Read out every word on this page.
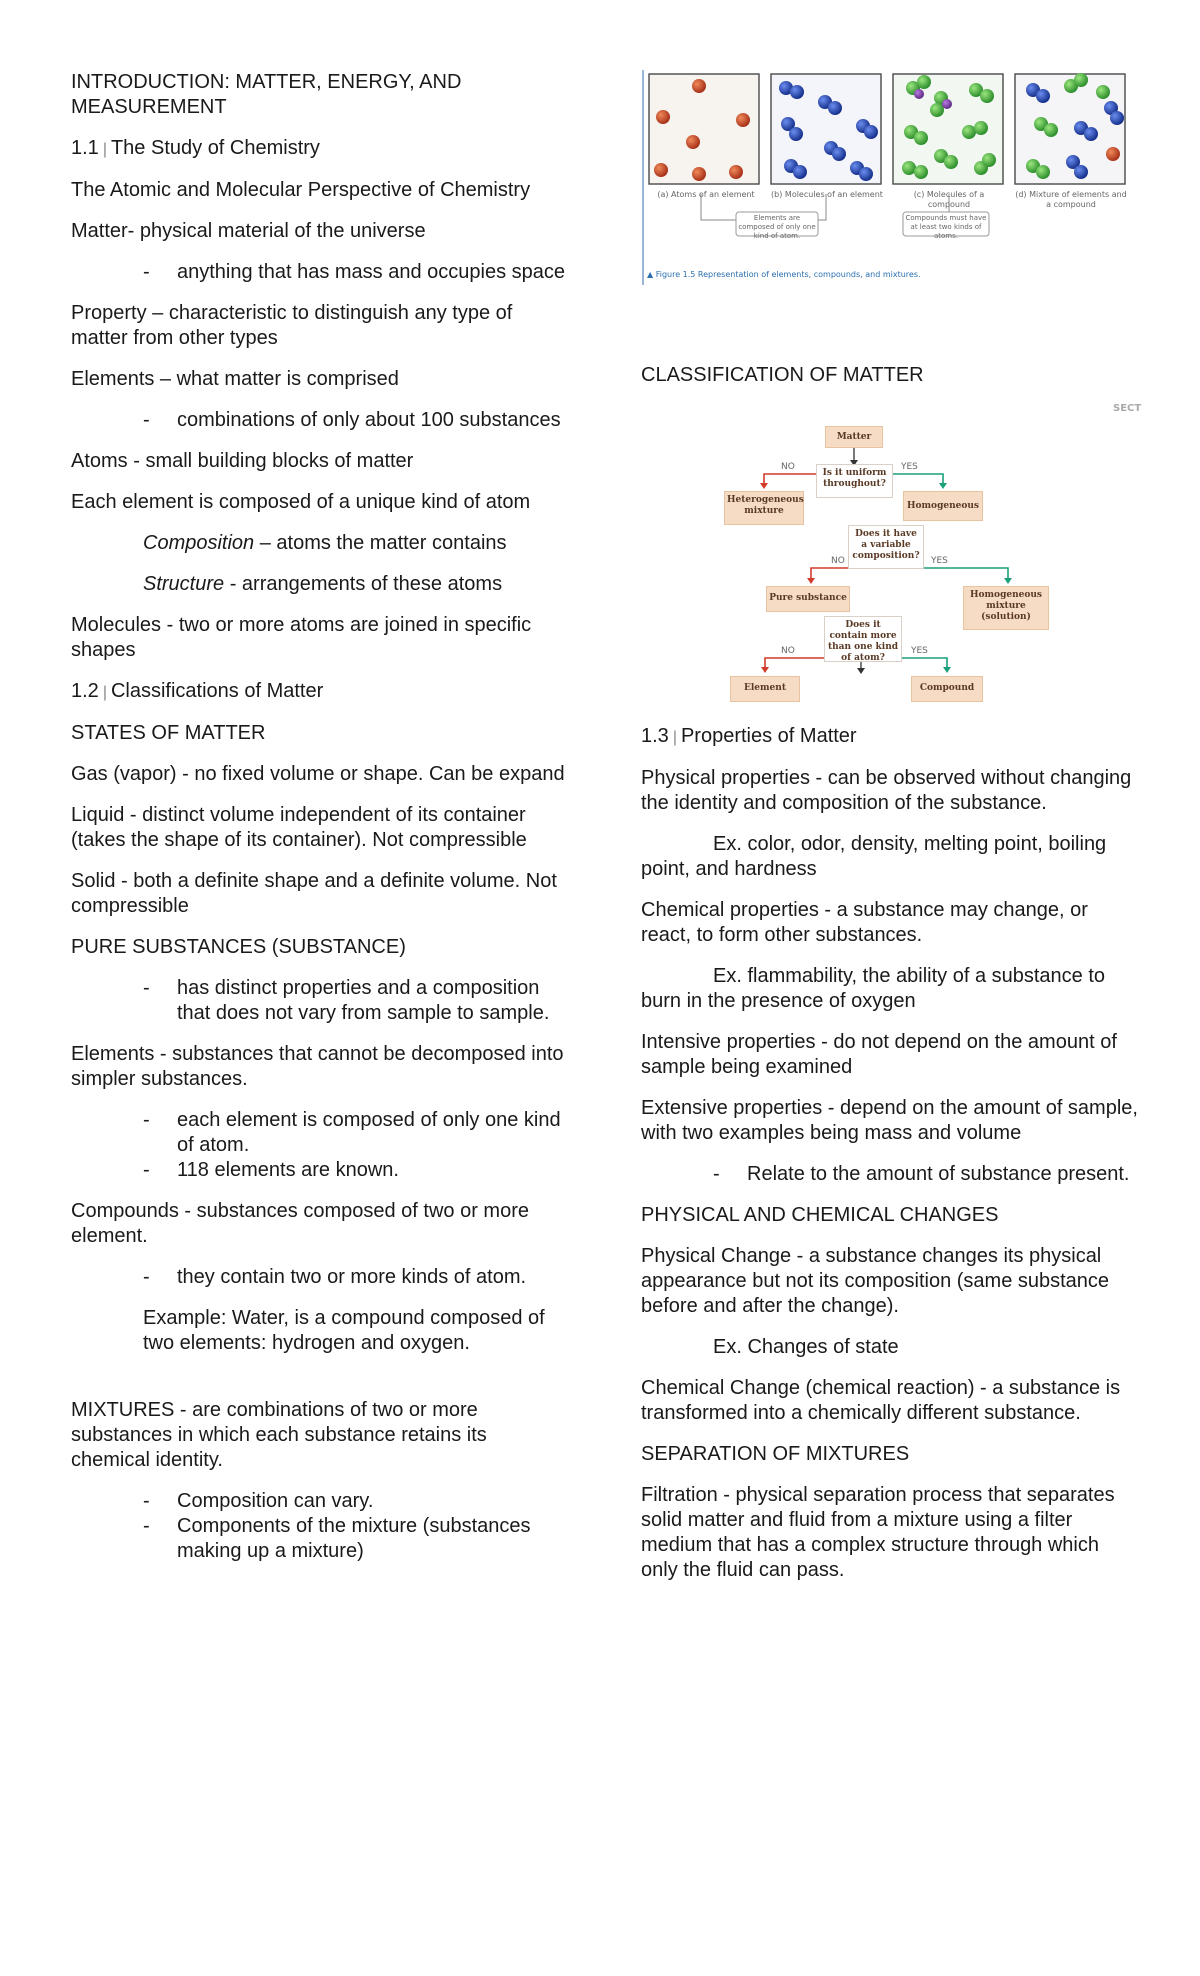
INTRODUCTION: MATTER, ENERGY, AND MEASUREMENT

1.1 | The Study of Chemistry

The Atomic and Molecular Perspective of Chemistry

Matter- physical material of the universe

- anything that has mass and occupies space

Property – characteristic to distinguish any type of matter from other types

Elements – what matter is comprised

- combinations of only about 100 substances

Atoms - small building blocks of matter

Each element is composed of a unique kind of atom

Composition – atoms the matter contains

Structure - arrangements of these atoms

Molecules - two or more atoms are joined in specific shapes

1.2 | Classifications of Matter

STATES OF MATTER

Gas (vapor) - no fixed volume or shape. Can be expand

Liquid - distinct volume independent of its container (takes the shape of its container). Not compressible

Solid - both a definite shape and a definite volume. Not compressible

PURE SUBSTANCES (SUBSTANCE)

- has distinct properties and a composition that does not vary from sample to sample.

Elements - substances that cannot be decomposed into simpler substances.

- each element is composed of only one kind of atom.
- 118 elements are known.

Compounds - substances composed of two or more element.

- they contain two or more kinds of atom.

Example: Water, is a compound composed of two elements: hydrogen and oxygen.

MIXTURES - are combinations of two or more substances in which each substance retains its chemical identity.

- Composition can vary.
- Components of the mixture (substances making up a mixture)
(a) Atoms of an element	(b) Molecules of an element	(c) Molecules of a compound
(d) Mixture of elements and a compound
Elements are composed of only one kind of atom.
Compounds must have at least two kinds of atoms.
▲ Figure 1.5 Representation of elements, compounds, and mixtures.

CLASSIFICATION OF MATTER

SECT
Matter
Is it uniform throughout?
NO	YES
Heterogeneous mixture	Homogeneous
Does it have a variable composition?
NO	YES
Pure substance	Homogeneous mixture (solution)
Does it contain more than one kind of atom?
NO	YES
Element	Compound

1.3 | Properties of Matter

Physical properties - can be observed without changing the identity and composition of the substance.

Ex. color, odor, density, melting point, boiling point, and hardness

Chemical properties - a substance may change, or react, to form other substances.

Ex. flammability, the ability of a substance to burn in the presence of oxygen

Intensive properties - do not depend on the amount of sample being examined

Extensive properties - depend on the amount of sample, with two examples being mass and volume

- Relate to the amount of substance present.

PHYSICAL AND CHEMICAL CHANGES

Physical Change - a substance changes its physical appearance but not its composition (same substance before and after the change).

Ex. Changes of state

Chemical Change (chemical reaction) - a substance is transformed into a chemically different substance.

SEPARATION OF MIXTURES

Filtration - physical separation process that separates solid matter and fluid from a mixture using a filter medium that has a complex structure through which only the fluid can pass.
